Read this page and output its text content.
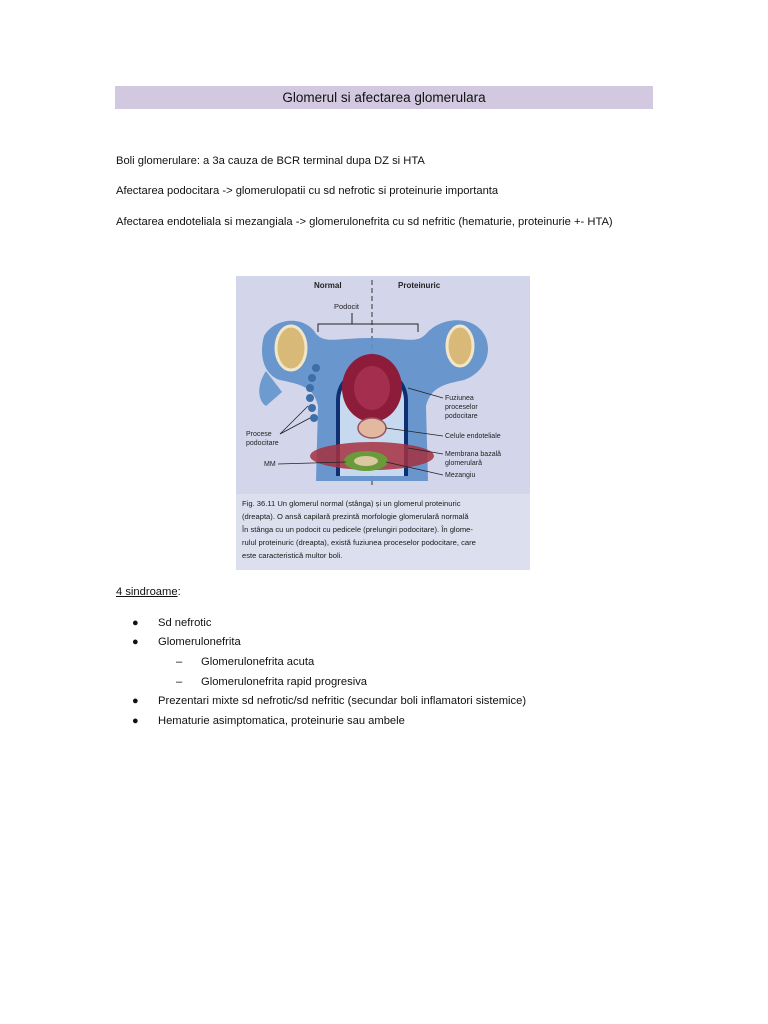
Glomerul si afectarea glomerulara
Boli glomerulare: a 3a cauza de BCR terminal dupa DZ si HTA
Afectarea podocitara -> glomerulopatii cu sd nefrotic si proteinurie importanta
Afectarea endoteliala si mezangiala -> glomerulonefrita cu sd nefritic (hematurie, proteinurie +- HTA)
Normal	Proteinuric
Podocit
Fuziunea
proceselor
podocitare
Celule endoteliale
Membrana bazală
glomerulară
Mezangiu
Procese
podocitare
MM
Fig. 36.11 Un glomerul normal (stânga) și un glomerul proteinuric
(dreapta). O ansă capilară prezintă morfologie glomerulară normală
În stânga cu un podocit cu pedicele (prelungiri podocitare). În glome-
rulul proteinuric (dreapta), există fuziunea proceselor podocitare, care
este caracteristică multor boli.
4 sindroame:
● Sd nefrotic
● Glomerulonefrita
– Glomerulonefrita acuta
– Glomerulonefrita rapid progresiva
● Prezentari mixte sd nefrotic/sd nefritic (secundar boli inflamatori sistemice)
● Hematurie asimptomatica, proteinurie sau ambele
